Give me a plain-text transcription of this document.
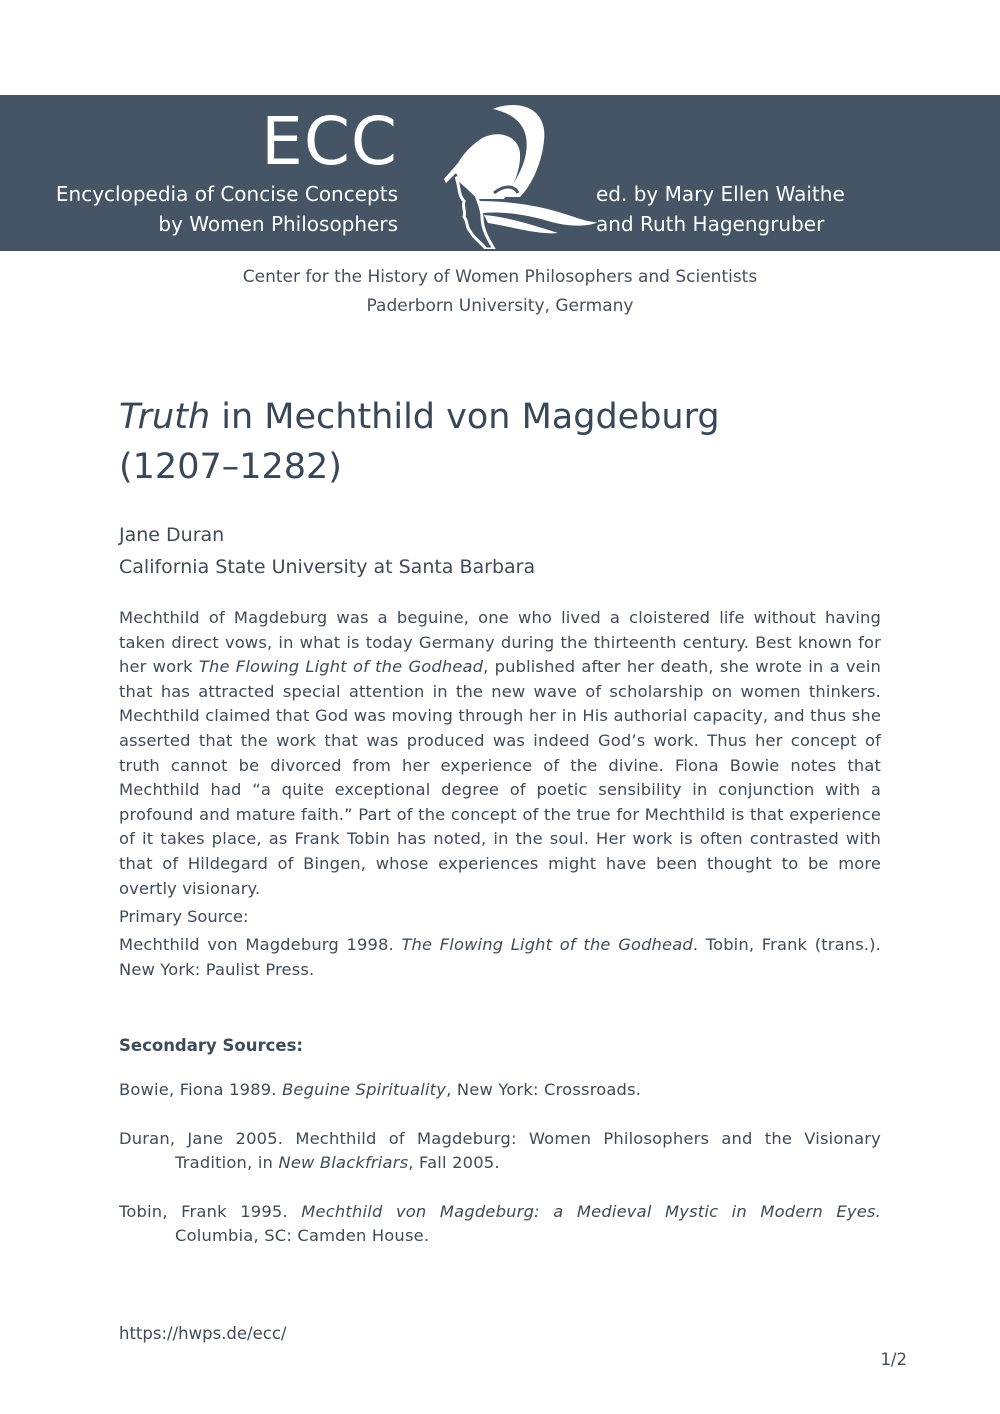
ECC
Encyclopedia of Concise Concepts
by Women Philosophers
ed. by Mary Ellen Waithe
and Ruth Hagengruber
Center for the History of Women Philosophers and Scientists
Paderborn University, Germany
Truth in Mechthild von Magdeburg
(1207–1282)
Jane Duran
California State University at Santa Barbara

Mechthild of Magdeburg was a beguine, one who lived a cloistered life without having taken direct vows, in what is today Germany during the thirteenth century. Best known for her work The Flowing Light of the Godhead, published after her death, she wrote in a vein that has attracted special attention in the new wave of scholarship on women thinkers. Mechthild claimed that God was moving through her in His authorial capacity, and thus she asserted that the work that was produced was indeed God’s work. Thus her concept of truth cannot be divorced from her experience of the divine. Fiona Bowie notes that Mechthild had “a quite exceptional degree of poetic sensibility in conjunction with a profound and mature faith.” Part of the concept of the true for Mechthild is that experience of it takes place, as Frank Tobin has noted, in the soul. Her work is often contrasted with that of Hildegard of Bingen, whose experiences might have been thought to be more overtly visionary.

Primary Source:
Mechthild von Magdeburg 1998. The Flowing Light of the Godhead. Tobin, Frank (trans.). New York: Paulist Press.
Secondary Sources:
Bowie, Fiona 1989. Beguine Spirituality, New York: Crossroads.
Duran, Jane 2005. Mechthild of Magdeburg: Women Philosophers and the Visionary Tradition, in New Blackfriars, Fall 2005.
Tobin, Frank 1995. Mechthild von Magdeburg: a Medieval Mystic in Modern Eyes. Columbia, SC: Camden House.
https://hwps.de/ecc/
1/2
